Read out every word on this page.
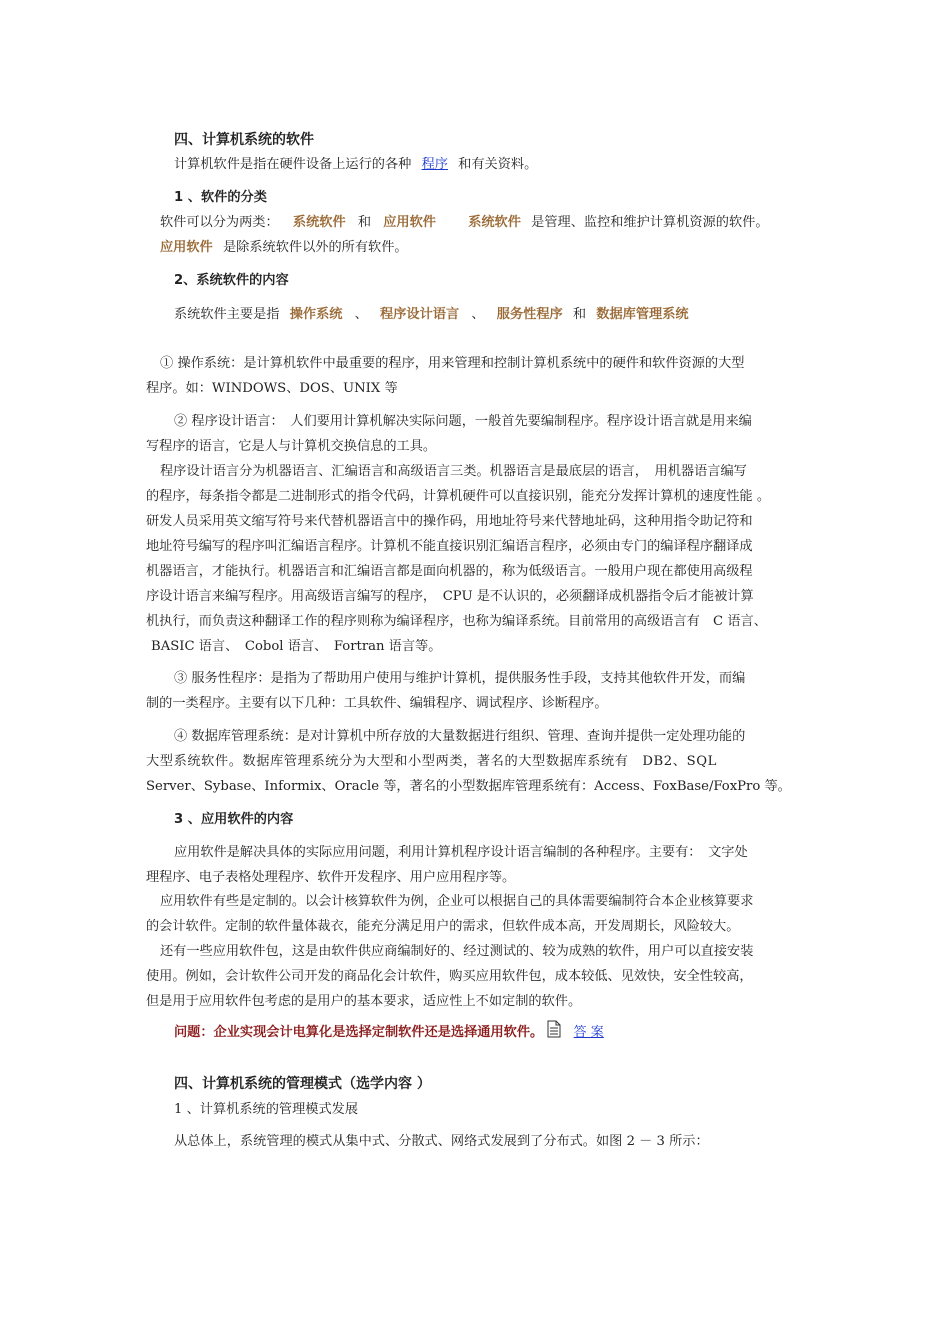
四、计算机系统的软件
计算机软件是指在硬件设备上运行的各种 程序 和有关资料。
1 、软件的分类
软件可以分为两类： 系统软件 和 应用软件 系统软件 是管理、监控和维护计算机资源的软件。
应用软件 是除系统软件以外的所有软件。
2、系统软件的内容
系统软件主要是指 操作系统 、 程序设计语言 、 服务性程序 和 数据库管理系统
① 操作系统：是计算机软件中最重要的程序，用来管理和控制计算机系统中的硬件和软件资源的大型
程序。如：WINDOWS、DOS、UNIX 等
② 程序设计语言：　人们要用计算机解决实际问题，一般首先要编制程序。程序设计语言就是用来编
写程序的语言，它是人与计算机交换信息的工具。
程序设计语言分为机器语言、汇编语言和高级语言三类。机器语言是最底层的语言，　用机器语言编写
的程序，每条指令都是二进制形式的指令代码，计算机硬件可以直接识别，能充分发挥计算机的速度性能 。
研发人员采用英文缩写符号来代替机器语言中的操作码，用地址符号来代替地址码，这种用指令助记符和
地址符号编写的程序叫汇编语言程序。计算机不能直接识别汇编语言程序，必须由专门的编译程序翻译成
机器语言，才能执行。机器语言和汇编语言都是面向机器的，称为低级语言。一般用户现在都使用高级程
序设计语言来编写程序。用高级语言编写的程序，　CPU 是不认识的，必须翻译成机器指令后才能被计算
机执行，而负责这种翻译工作的程序则称为编译程序，也称为编译系统。目前常用的高级语言有　C 语言、
BASIC 语言、　Cobol 语言、　Fortran 语言等。
③ 服务性程序：是指为了帮助用户使用与维护计算机，提供服务性手段，支持其他软件开发，而编
制的一类程序。主要有以下几种：工具软件、编辑程序、调试程序、诊断程序。
④ 数据库管理系统：是对计算机中所存放的大量数据进行组织、管理、查询并提供一定处理功能的
大型系统软件。数据库管理系统分为大型和小型两类，著名的大型数据库系统有　DB2、SQL
Server、Sybase、Informix、Oracle 等，著名的小型数据库管理系统有：Access、FoxBase/FoxPro 等。
3 、应用软件的内容
应用软件是解决具体的实际应用问题，利用计算机程序设计语言编制的各种程序。主要有：　文字处
理程序、电子表格处理程序、软件开发程序、用户应用程序等。
应用软件有些是定制的。以会计核算软件为例，企业可以根据自己的具体需要编制符合本企业核算要求
的会计软件。定制的软件量体裁衣，能充分满足用户的需求，但软件成本高，开发周期长，风险较大。
还有一些应用软件包，这是由软件供应商编制好的、经过测试的、较为成熟的软件，用户可以直接安装
使用。例如，会计软件公司开发的商品化会计软件，购买应用软件包，成本较低、见效快，安全性较高，
但是用于应用软件包考虑的是用户的基本要求，适应性上不如定制的软件。
问题：企业实现会计电算化是选择定制软件还是选择通用软件。 答 案
四、计算机系统的管理模式（选学内容 ）
1 、计算机系统的管理模式发展
从总体上，系统管理的模式从集中式、分散式、网络式发展到了分布式。如图 2 － 3 所示：
